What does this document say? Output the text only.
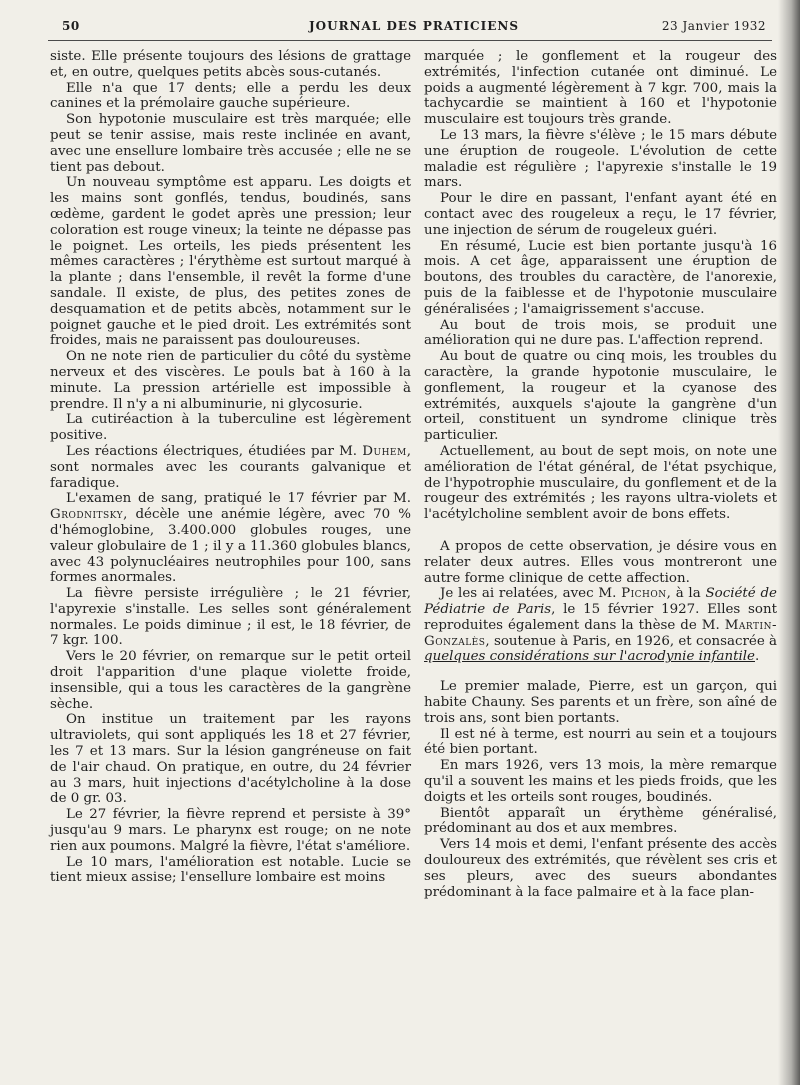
50	JOURNAL DES PRATICIENS	23 Janvier 1932

siste. Elle présente toujours des lésions de grattage et, en outre, quelques petits abcès sous-cutanés.

Elle n'a que 17 dents; elle a perdu les deux canines et la prémolaire gauche supérieure.

Son hypotonie musculaire est très marquée; elle peut se tenir assise, mais reste inclinée en avant, avec une ensellure lombaire très accusée ; elle ne se tient pas debout.

Un nouveau symptôme est apparu. Les doigts et les mains sont gonflés, tendus, boudinés, sans œdème, gardent le godet après une pression; leur coloration est rouge vineux; la teinte ne dépasse pas le poignet. Les orteils, les pieds présentent les mêmes caractères ; l'érythème est surtout marqué à la plante ; dans l'ensemble, il revêt la forme d'une sandale. Il existe, de plus, des petites zones de desquamation et de petits abcès, notamment sur le poignet gauche et le pied droit. Les extrémités sont froides, mais ne paraissent pas douloureuses.

On ne note rien de particulier du côté du système nerveux et des viscères. Le pouls bat à 160 à la minute. La pression artérielle est impossible à prendre. Il n'y a ni albuminurie, ni glycosurie.

La cutiréaction à la tuberculine est légèrement positive.

Les réactions électriques, étudiées par M. Duhem, sont normales avec les courants galvanique et faradique.

L'examen de sang, pratiqué le 17 février par M. Grodnitsky, décèle une anémie légère, avec 70 % d'hémoglobine, 3.400.000 globules rouges, une valeur globulaire de 1 ; il y a 11.360 globules blancs, avec 43 polynucléaires neutrophiles pour 100, sans formes anormales.

La fièvre persiste irrégulière ; le 21 février, l'apyrexie s'installe. Les selles sont généralement normales. Le poids diminue ; il est, le 18 février, de 7 kgr. 100.

Vers le 20 février, on remarque sur le petit orteil droit l'apparition d'une plaque violette froide, insensible, qui a tous les caractères de la gangrène sèche.

On institue un traitement par les rayons ultraviolets, qui sont appliqués les 18 et 27 février, les 7 et 13 mars. Sur la lésion gangréneuse on fait de l'air chaud. On pratique, en outre, du 24 février au 3 mars, huit injections d'acétylcholine à la dose de 0 gr. 03.

Le 27 février, la fièvre reprend et persiste à 39° jusqu'au 9 mars. Le pharynx est rouge; on ne note rien aux poumons. Malgré la fièvre, l'état s'améliore.

Le 10 mars, l'amélioration est notable. Lucie se tient mieux assise; l'ensellure lombaire est moins

marquée ; le gonflement et la rougeur des extrémités, l'infection cutanée ont diminué. Le poids a augmenté légèrement à 7 kgr. 700, mais la tachycardie se maintient à 160 et l'hypotonie musculaire est toujours très grande.

Le 13 mars, la fièvre s'élève ; le 15 mars débute une éruption de rougeole. L'évolution de cette maladie est régulière ; l'apyrexie s'installe le 19 mars.

Pour le dire en passant, l'enfant ayant été en contact avec des rougeleux a reçu, le 17 février, une injection de sérum de rougeleux guéri.

En résumé, Lucie est bien portante jusqu'à 16 mois. A cet âge, apparaissent une éruption de boutons, des troubles du caractère, de l'anorexie, puis de la faiblesse et de l'hypotonie musculaire généralisées ; l'amaigrissement s'accuse.

Au bout de trois mois, se produit une amélioration qui ne dure pas. L'affection reprend.

Au bout de quatre ou cinq mois, les troubles du caractère, la grande hypotonie musculaire, le gonflement, la rougeur et la cyanose des extrémités, auxquels s'ajoute la gangrène d'un orteil, constituent un syndrome clinique très particulier.

Actuellement, au bout de sept mois, on note une amélioration de l'état général, de l'état psychique, de l'hypotrophie musculaire, du gonflement et de la rougeur des extrémités ; les rayons ultra-violets et l'acétylcholine semblent avoir de bons effets.

A propos de cette observation, je désire vous en relater deux autres. Elles vous montreront une autre forme clinique de cette affection.

Je les ai relatées, avec M. Pichon, à la Société de Pédiatrie de Paris, le 15 février 1927. Elles sont reproduites également dans la thèse de M. Martin-Gonzalès, soutenue à Paris, en 1926, et consacrée à quelques considérations sur l'acrodynie infantile.

Le premier malade, Pierre, est un garçon, qui habite Chauny. Ses parents et un frère, son aîné de trois ans, sont bien portants.

Il est né à terme, est nourri au sein et a toujours été bien portant.

En mars 1926, vers 13 mois, la mère remarque qu'il a souvent les mains et les pieds froids, que les doigts et les orteils sont rouges, boudinés.

Bientôt apparaît un érythème généralisé, prédominant au dos et aux membres.

Vers 14 mois et demi, l'enfant présente des accès douloureux des extrémités, que révèlent ses cris et ses pleurs, avec des sueurs abondantes prédominant à la face palmaire et à la face plan-
